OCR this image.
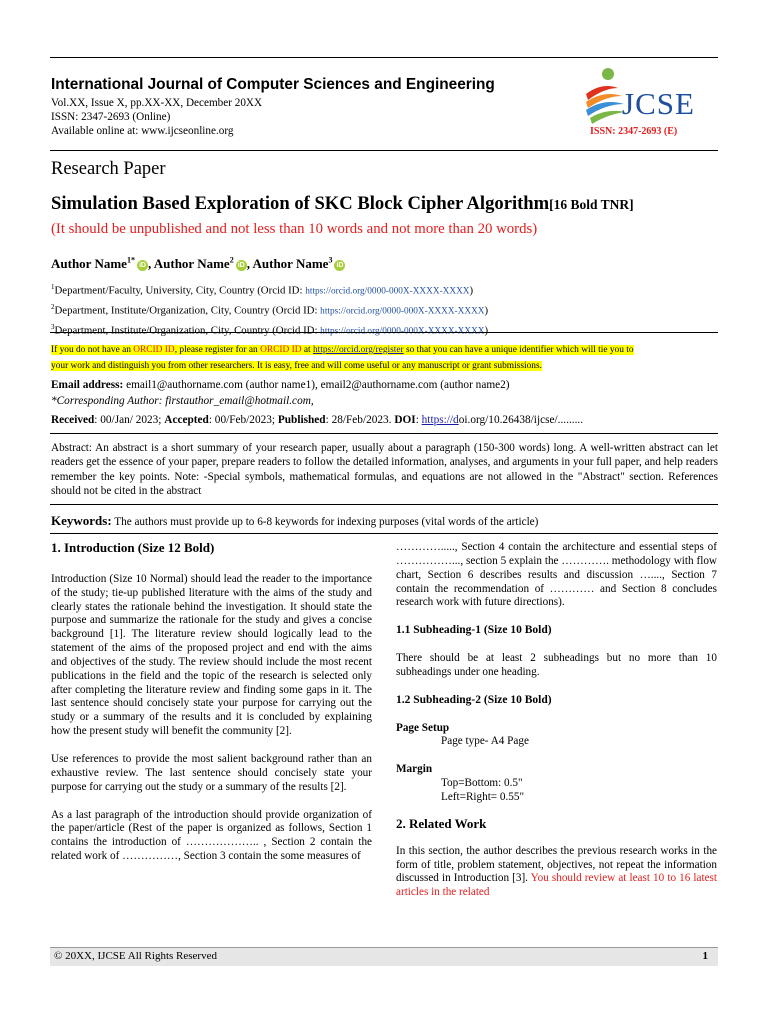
International Journal of Computer Sciences and Engineering
Vol.XX, Issue X, pp.XX-XX, December 20XX
ISSN: 2347-2693 (Online)
Available online at: www.ijcseonline.org
JCSE
ISSN: 2347-2693 (E)
Research Paper
Simulation Based Exploration of SKC Block Cipher Algorithm[16 Bold TNR]
(It should be unpublished and not less than 10 words and not more than 20 words)
Author Name$^{1*}$iD , Author Name$^2$iD , Author Name$^3$iD
$^1$Department/Faculty, University, City, Country (Orcid ID: https://orcid.org/0000-000X-XXXX-XXXX)
$^2$Department, Institute/Organization, City, Country (Orcid ID: https://orcid.org/0000-000X-XXXX-XXXX)
$^3$Department, Institute/Organization, City, Country (Orcid ID: https://orcid.org/0000-000X-XXXX-XXXX)
If you do not have an ORCID ID, please register for an ORCID ID at https://orcid.org/register so that you can have a unique identifier which will tie you to
your work and distinguish you from other researchers. It is easy, free and will come useful or any manuscript or grant submissions.
Email address: email1@authorname.com (author name1), email2@authorname.com (author name2)
*Corresponding Author: firstauthor_email@hotmail.com,
Received: 00/Jan/ 2023; Accepted: 00/Feb/2023; Published: 28/Feb/2023. DOI: https://doi.org/10.26438/ijcse/.........
Abstract: An abstract is a short summary of your research paper, usually about a paragraph (150-300 words) long. A well-written abstract can let readers get the essence of your paper, prepare readers to follow the detailed information, analyses, and arguments in your full paper, and help readers remember the key points. Note: -Special symbols, mathematical formulas, and equations are not allowed in the "Abstract" section. References should not be cited in the abstract
Keywords: The authors must provide up to 6-8 keywords for indexing purposes (vital words of the article)
1. Introduction (Size 12 Bold)

Introduction (Size 10 Normal) should lead the reader to the importance of the study; tie-up published literature with the aims of the study and clearly states the rationale behind the investigation. It should state the purpose and summarize the rationale for the study and gives a concise background [1]. The literature review should logically lead to the statement of the aims of the proposed project and end with the aims and objectives of the study. The review should include the most recent publications in the field and the topic of the research is selected only after completing the literature review and finding some gaps in it. The last sentence should concisely state your purpose for carrying out the study or a summary of the results and it is concluded by explaining how the present study will benefit the community [2].

Use references to provide the most salient background rather than an exhaustive review. The last sentence should concisely state your purpose for carrying out the study or a summary of the results [2].

As a last paragraph of the introduction should provide organization of the paper/article (Rest of the paper is organized as follows, Section 1 contains the introduction of ……………….. , Section 2 contain the related work of ……………, Section 3 contain the some measures of

…………....., Section 4 contain the architecture and essential steps of ……………..., section 5 explain the …………. methodology with flow chart, Section 6 describes results and discussion …...., Section 7 contain the recommendation of ………… and Section 8 concludes research work with future directions).

1.1 Subheading-1 (Size 10 Bold)

There should be at least 2 subheadings but no more than 10 subheadings under one heading.

1.2 Subheading-2 (Size 10 Bold)
Page Setup
Page type- A4 Page
Margin
Top=Bottom: 0.5"
Left=Right= 0.55"
2. Related Work

In this section, the author describes the previous research works in the form of title, problem statement, objectives, not repeat the information discussed in Introduction [3]. You should review at least 10 to 16 latest articles in the related

© 20XX, IJCSE All Rights Reserved	1
